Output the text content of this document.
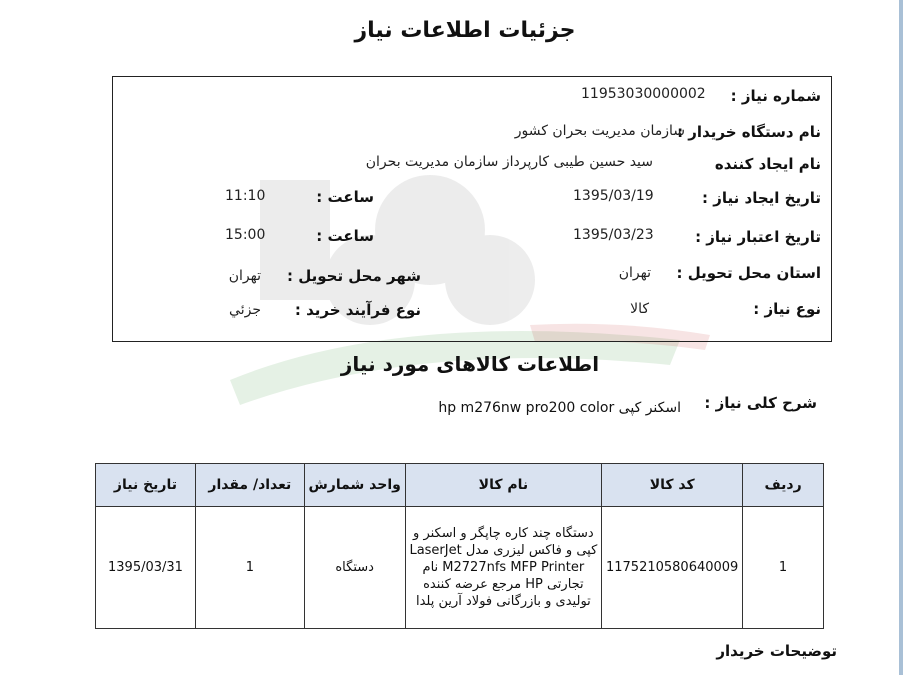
جزئیات اطلاعات نیاز
شماره نیاز :
11953030000002
نام دستگاه خریدار :
سازمان مدیریت بحران کشور
نام ایجاد کننده
سید حسین طیبی کارپرداز سازمان مدیریت بحران
تاریخ ایجاد نیاز :
1395/03/19
ساعت :
11:10
تاریخ اعتبار نیاز :
1395/03/23
ساعت :
15:00
استان محل تحویل :
تهران
شهر محل تحویل :
تهران
نوع نیاز :
کالا
نوع فرآیند خرید :
جزئي
اطلاعات کالاهای مورد نیاز
شرح کلی نیاز :
اسکنر کپی hp m276nw pro200 color
ردیف	کد کالا	نام کالا	واحد شمارش	تعداد/ مقدار	تاریخ نیاز
1	1175210580640009	دستگاه چند کاره چاپگر و اسکنر و کپی و فاکس لیزری مدل LaserJet M2727nfs MFP Printer نام تجارتی HP مرجع عرضه کننده تولیدی و بازرگانی فولاد آرین پلدا	دستگاه	1	1395/03/31
توضیحات خریدار
